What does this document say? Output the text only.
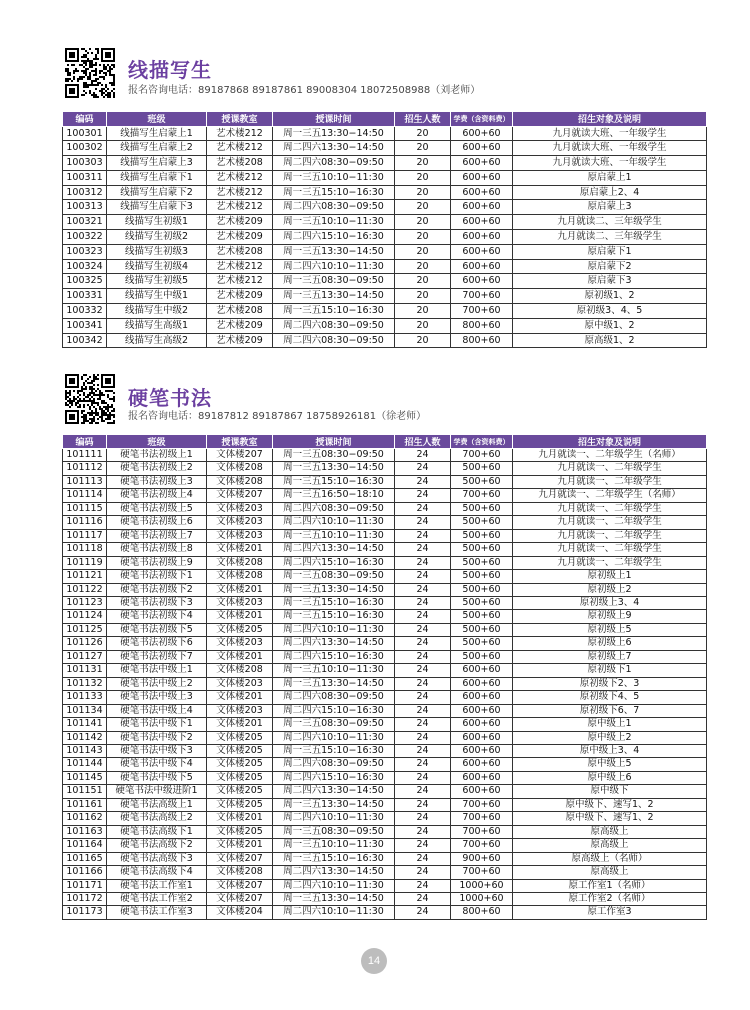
线描写生
报名咨询电话：89187868 89187861 89008304 18072508988（刘老师）
编码	班级	授课教室	授课时间	招生人数	学费（含资料费）	招生对象及说明
100301	线描写生启蒙上1	艺术楼212	周一三五13:30−14:50	20	600+60	九月就读大班、一年级学生
100302	线描写生启蒙上2	艺术楼212	周二四六13:30−14:50	20	600+60	九月就读大班、一年级学生
100303	线描写生启蒙上3	艺术楼208	周二四六08:30−09:50	20	600+60	九月就读大班、一年级学生
100311	线描写生启蒙下1	艺术楼212	周一三五10:10−11:30	20	600+60	原启蒙上1
100312	线描写生启蒙下2	艺术楼212	周一三五15:10−16:30	20	600+60	原启蒙上2、4
100313	线描写生启蒙下3	艺术楼212	周二四六08:30−09:50	20	600+60	原启蒙上3
100321	线描写生初级1	艺术楼209	周一三五10:10−11:30	20	600+60	九月就读二、三年级学生
100322	线描写生初级2	艺术楼209	周二四六15:10−16:30	20	600+60	九月就读二、三年级学生
100323	线描写生初级3	艺术楼208	周一三五13:30−14:50	20	600+60	原启蒙下1
100324	线描写生初级4	艺术楼212	周二四六10:10−11:30	20	600+60	原启蒙下2
100325	线描写生初级5	艺术楼212	周一三五08:30−09:50	20	600+60	原启蒙下3
100331	线描写生中级1	艺术楼209	周一三五13:30−14:50	20	700+60	原初级1、2
100332	线描写生中级2	艺术楼208	周一三五15:10−16:30	20	700+60	原初级3、4、5
100341	线描写生高级1	艺术楼209	周二四六08:30−09:50	20	800+60	原中级1、2
100342	线描写生高级2	艺术楼209	周二四六08:30−09:50	20	800+60	原高级1、2
硬笔书法
报名咨询电话：89187812 89187867 18758926181（徐老师）
编码	班级	授课教室	授课时间	招生人数	学费（含资料费）	招生对象及说明
101111	硬笔书法初级上1	文体楼207	周一三五08:30−09:50	24	700+60	九月就读一、二年级学生（名师）
101112	硬笔书法初级上2	文体楼208	周一三五13:30−14:50	24	500+60	九月就读一、二年级学生
101113	硬笔书法初级上3	文体楼208	周一三五15:10−16:30	24	500+60	九月就读一、二年级学生
101114	硬笔书法初级上4	文体楼207	周一三五16:50−18:10	24	700+60	九月就读一、二年级学生（名师）
101115	硬笔书法初级上5	文体楼203	周二四六08:30−09:50	24	500+60	九月就读一、二年级学生
101116	硬笔书法初级上6	文体楼203	周二四六10:10−11:30	24	500+60	九月就读一、二年级学生
101117	硬笔书法初级上7	文体楼203	周一三五10:10−11:30	24	500+60	九月就读一、二年级学生
101118	硬笔书法初级上8	文体楼201	周二四六13:30−14:50	24	500+60	九月就读一、二年级学生
101119	硬笔书法初级上9	文体楼208	周二四六15:10−16:30	24	500+60	九月就读一、二年级学生
101121	硬笔书法初级下1	文体楼208	周一三五08:30−09:50	24	500+60	原初级上1
101122	硬笔书法初级下2	文体楼201	周一三五13:30−14:50	24	500+60	原初级上2
101123	硬笔书法初级下3	文体楼203	周一三五15:10−16:30	24	500+60	原初级上3、4
101124	硬笔书法初级下4	文体楼201	周一三五15:10−16:30	24	500+60	原初级上9
101125	硬笔书法初级下5	文体楼205	周二四六10:10−11:30	24	500+60	原初级上5
101126	硬笔书法初级下6	文体楼203	周二四六13:30−14:50	24	500+60	原初级上6
101127	硬笔书法初级下7	文体楼201	周二四六15:10−16:30	24	500+60	原初级上7
101131	硬笔书法中级上1	文体楼208	周一三五10:10−11:30	24	600+60	原初级下1
101132	硬笔书法中级上2	文体楼203	周一三五13:30−14:50	24	600+60	原初级下2、3
101133	硬笔书法中级上3	文体楼201	周二四六08:30−09:50	24	600+60	原初级下4、5
101134	硬笔书法中级上4	文体楼203	周二四六15:10−16:30	24	600+60	原初级下6、7
101141	硬笔书法中级下1	文体楼201	周一三五08:30−09:50	24	600+60	原中级上1
101142	硬笔书法中级下2	文体楼205	周二四六10:10−11:30	24	600+60	原中级上2
101143	硬笔书法中级下3	文体楼205	周一三五15:10−16:30	24	600+60	原中级上3、4
101144	硬笔书法中级下4	文体楼205	周二四六08:30−09:50	24	600+60	原中级上5
101145	硬笔书法中级下5	文体楼205	周二四六15:10−16:30	24	600+60	原中级上6
101151	硬笔书法中级进阶1	文体楼205	周二四六13:30−14:50	24	600+60	原中级下
101161	硬笔书法高级上1	文体楼205	周一三五13:30−14:50	24	700+60	原中级下、速写1、2
101162	硬笔书法高级上2	文体楼201	周二四六10:10−11:30	24	700+60	原中级下、速写1、2
101163	硬笔书法高级下1	文体楼205	周一三五08:30−09:50	24	700+60	原高级上
101164	硬笔书法高级下2	文体楼201	周一三五10:10−11:30	24	700+60	原高级上
101165	硬笔书法高级下3	文体楼207	周一三五15:10−16:30	24	900+60	原高级上（名师）
101166	硬笔书法高级下4	文体楼208	周二四六13:30−14:50	24	700+60	原高级上
101171	硬笔书法工作室1	文体楼207	周二四六10:10−11:30	24	1000+60	原工作室1（名师）
101172	硬笔书法工作室2	文体楼207	周一三五13:30−14:50	24	1000+60	原工作室2（名师）
101173	硬笔书法工作室3	文体楼204	周二四六10:10−11:30	24	800+60	原工作室3
14
